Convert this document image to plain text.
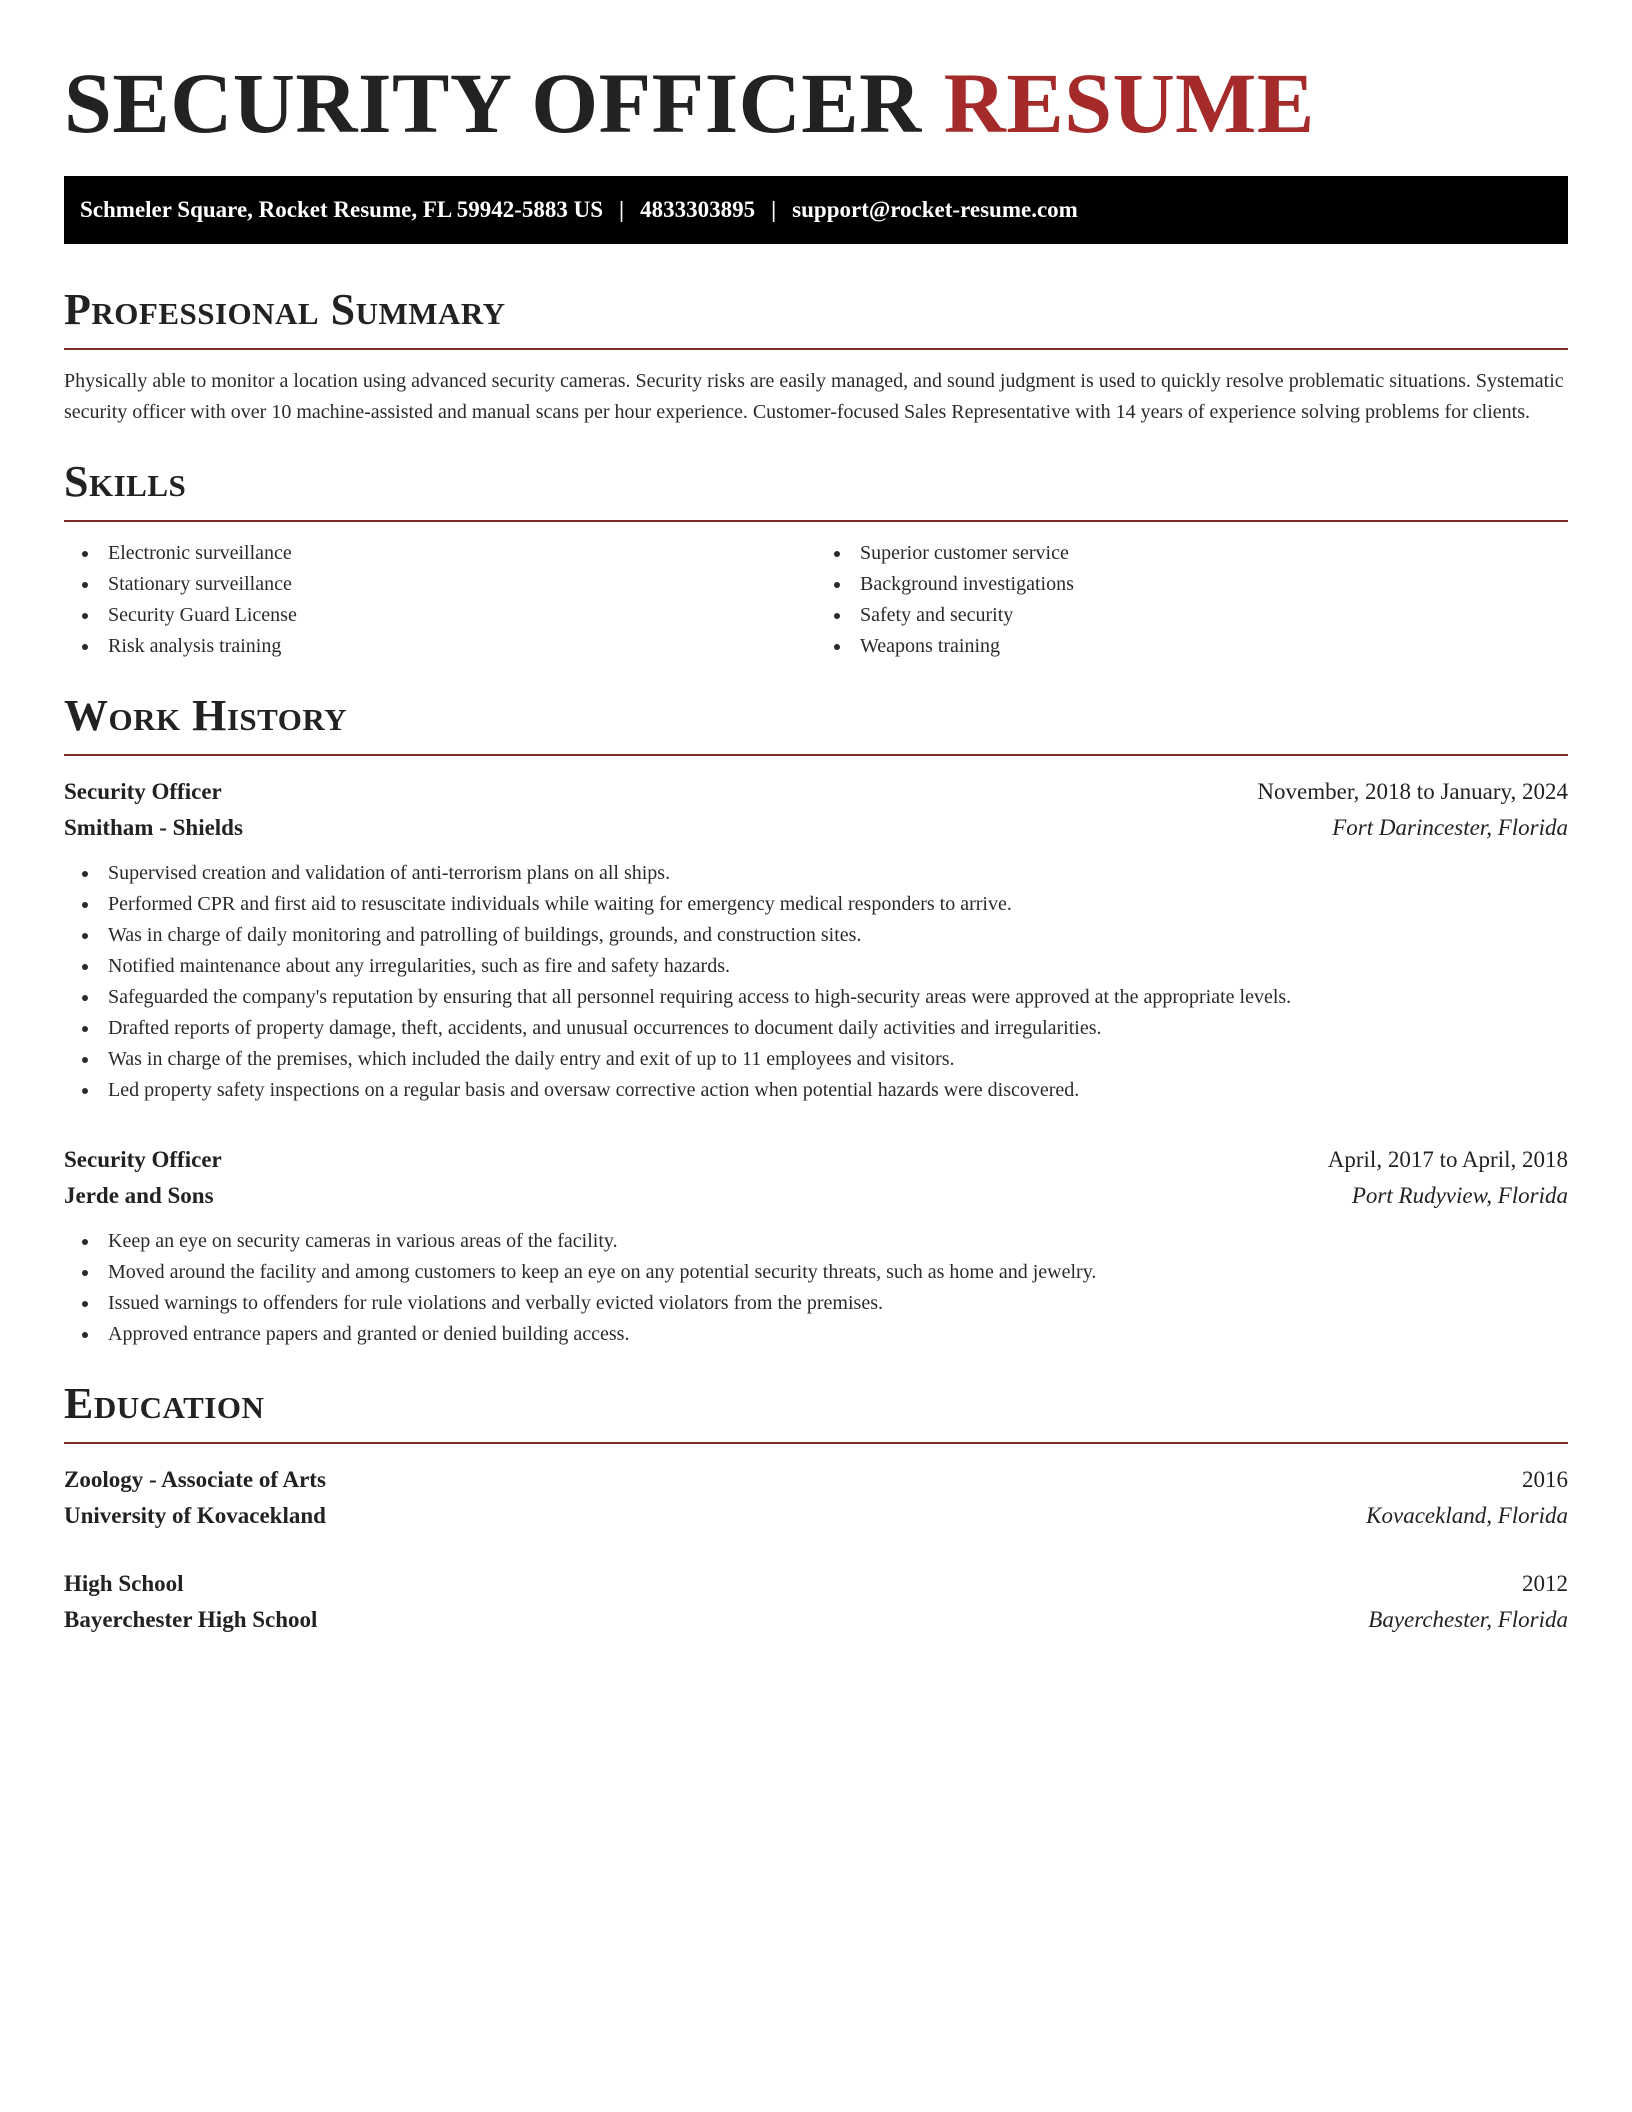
SECURITY OFFICER RESUME
Schmeler Square, Rocket Resume, FL 59942-5883 US | 4833303895 | support@rocket-resume.com
Professional Summary

Physically able to monitor a location using advanced security cameras. Security risks are easily managed, and sound judgment is used to quickly resolve problematic situations. Systematic security officer with over 10 machine-assisted and manual scans per hour experience. Customer-focused Sales Representative with 14 years of experience solving problems for clients.

Skills
Electronic surveillance
Stationary surveillance
Security Guard License
Risk analysis training
Superior customer service
Background investigations
Safety and security
Weapons training
Work History
Security Officer	November, 2018 to January, 2024
Smitham - Shields	Fort Darincester, Florida
Supervised creation and validation of anti-terrorism plans on all ships.
Performed CPR and first aid to resuscitate individuals while waiting for emergency medical responders to arrive.
Was in charge of daily monitoring and patrolling of buildings, grounds, and construction sites.
Notified maintenance about any irregularities, such as fire and safety hazards.
Safeguarded the company's reputation by ensuring that all personnel requiring access to high-security areas were approved at the appropriate levels.
Drafted reports of property damage, theft, accidents, and unusual occurrences to document daily activities and irregularities.
Was in charge of the premises, which included the daily entry and exit of up to 11 employees and visitors.
Led property safety inspections on a regular basis and oversaw corrective action when potential hazards were discovered.
Security Officer	April, 2017 to April, 2018
Jerde and Sons	Port Rudyview, Florida
Keep an eye on security cameras in various areas of the facility.
Moved around the facility and among customers to keep an eye on any potential security threats, such as home and jewelry.
Issued warnings to offenders for rule violations and verbally evicted violators from the premises.
Approved entrance papers and granted or denied building access.
Education
Zoology - Associate of Arts	2016
University of Kovacekland	Kovacekland, Florida
High School	2012
Bayerchester High School	Bayerchester, Florida
